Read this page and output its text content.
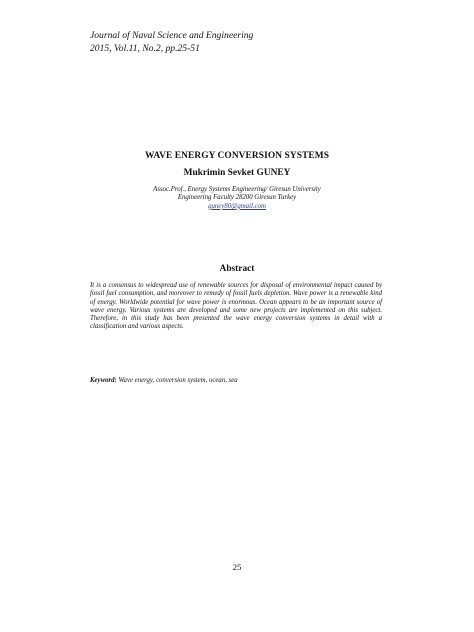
Journal of Naval Science and Engineering
2015, Vol.11, No.2, pp.25-51
WAVE ENERGY CONVERSION SYSTEMS
Mukrimin Sevket GUNEY
Assoc.Prof., Energy Systems Engineering/ Giresun University
Engineering Faculty 28200 Giresun Turkey
guney80@gmail.com
Abstract

It is a consensus to widespread use of renewable sources for disposal of environmental impact caused by fossil fuel consumption, and moreover to remedy of fossil fuels depletion. Wave power is a renewable kind of energy. Worldwide potential for wave power is enormous. Ocean appears to be an important source of wave energy. Various systems are developed and some new projects are implemented on this subject. Therefore, in this study has been presented the wave energy conversion systems in detail with a classification and various aspects.

Keyword: Wave energy, conversion system, ocean, sea
25
